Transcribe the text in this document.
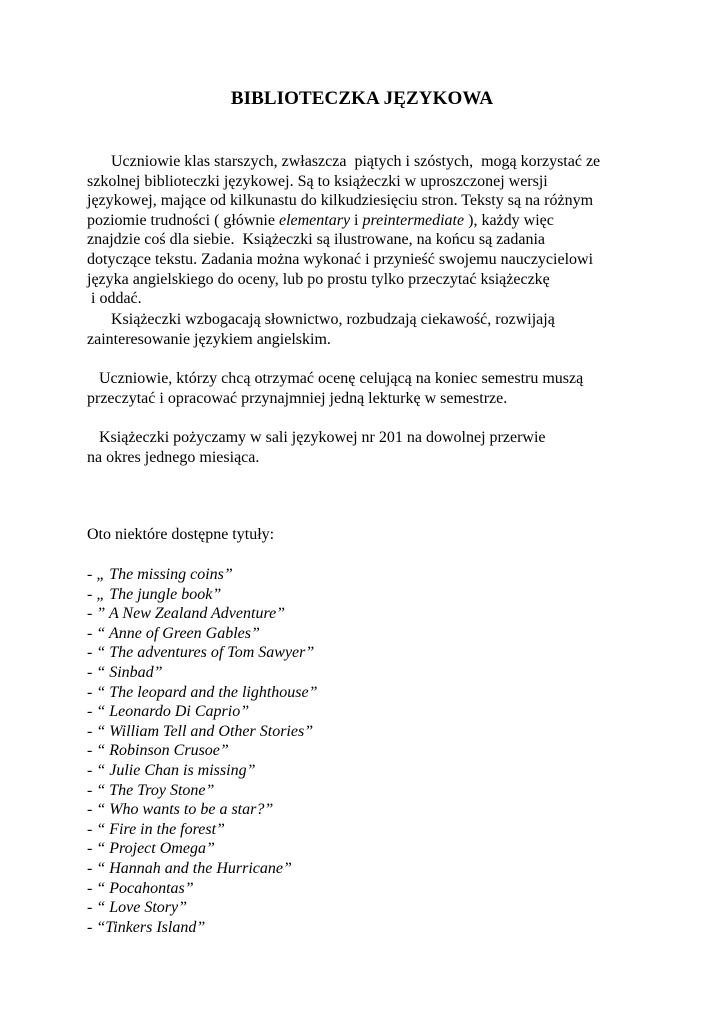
BIBLIOTECZKA JĘZYKOWA
Uczniowie klas starszych, zwłaszcza  piątych i szóstych,  mogą korzystać ze
szkolnej biblioteczki językowej. Są to książeczki w uproszczonej wersji
językowej, mające od kilkunastu do kilkudziesięciu stron. Teksty są na różnym
poziomie trudności ( głównie elementary i preintermediate ), każdy więc
znajdzie coś dla siebie.  Książeczki są ilustrowane, na końcu są zadania
dotyczące tekstu. Zadania można wykonać i przynieść swojemu nauczycielowi
języka angielskiego do oceny, lub po prostu tylko przeczytać książeczkę
i oddać.
Książeczki wzbogacają słownictwo, rozbudzają ciekawość, rozwijają
zainteresowanie językiem angielskim.
Uczniowie, którzy chcą otrzymać ocenę celującą na koniec semestru muszą
przeczytać i opracować przynajmniej jedną lekturkę w semestrze.
Książeczki pożyczamy w sali językowej nr 201 na dowolnej przerwie
na okres jednego miesiąca.
Oto niektóre dostępne tytuły:
- „ The missing coins”
- „ The jungle book”
- ” A New Zealand Adventure”
- “ Anne of Green Gables”
- “ The adventures of Tom Sawyer”
- “ Sinbad”
- “ The leopard and the lighthouse”
- “ Leonardo Di Caprio”
- “ William Tell and Other Stories”
- “ Robinson Crusoe”
- “ Julie Chan is missing”
- “ The Troy Stone”
- “ Who wants to be a star?”
- “ Fire in the forest”
- “ Project Omega”
- “ Hannah and the Hurricane”
- “ Pocahontas”
- “ Love Story”
- “Tinkers Island”
